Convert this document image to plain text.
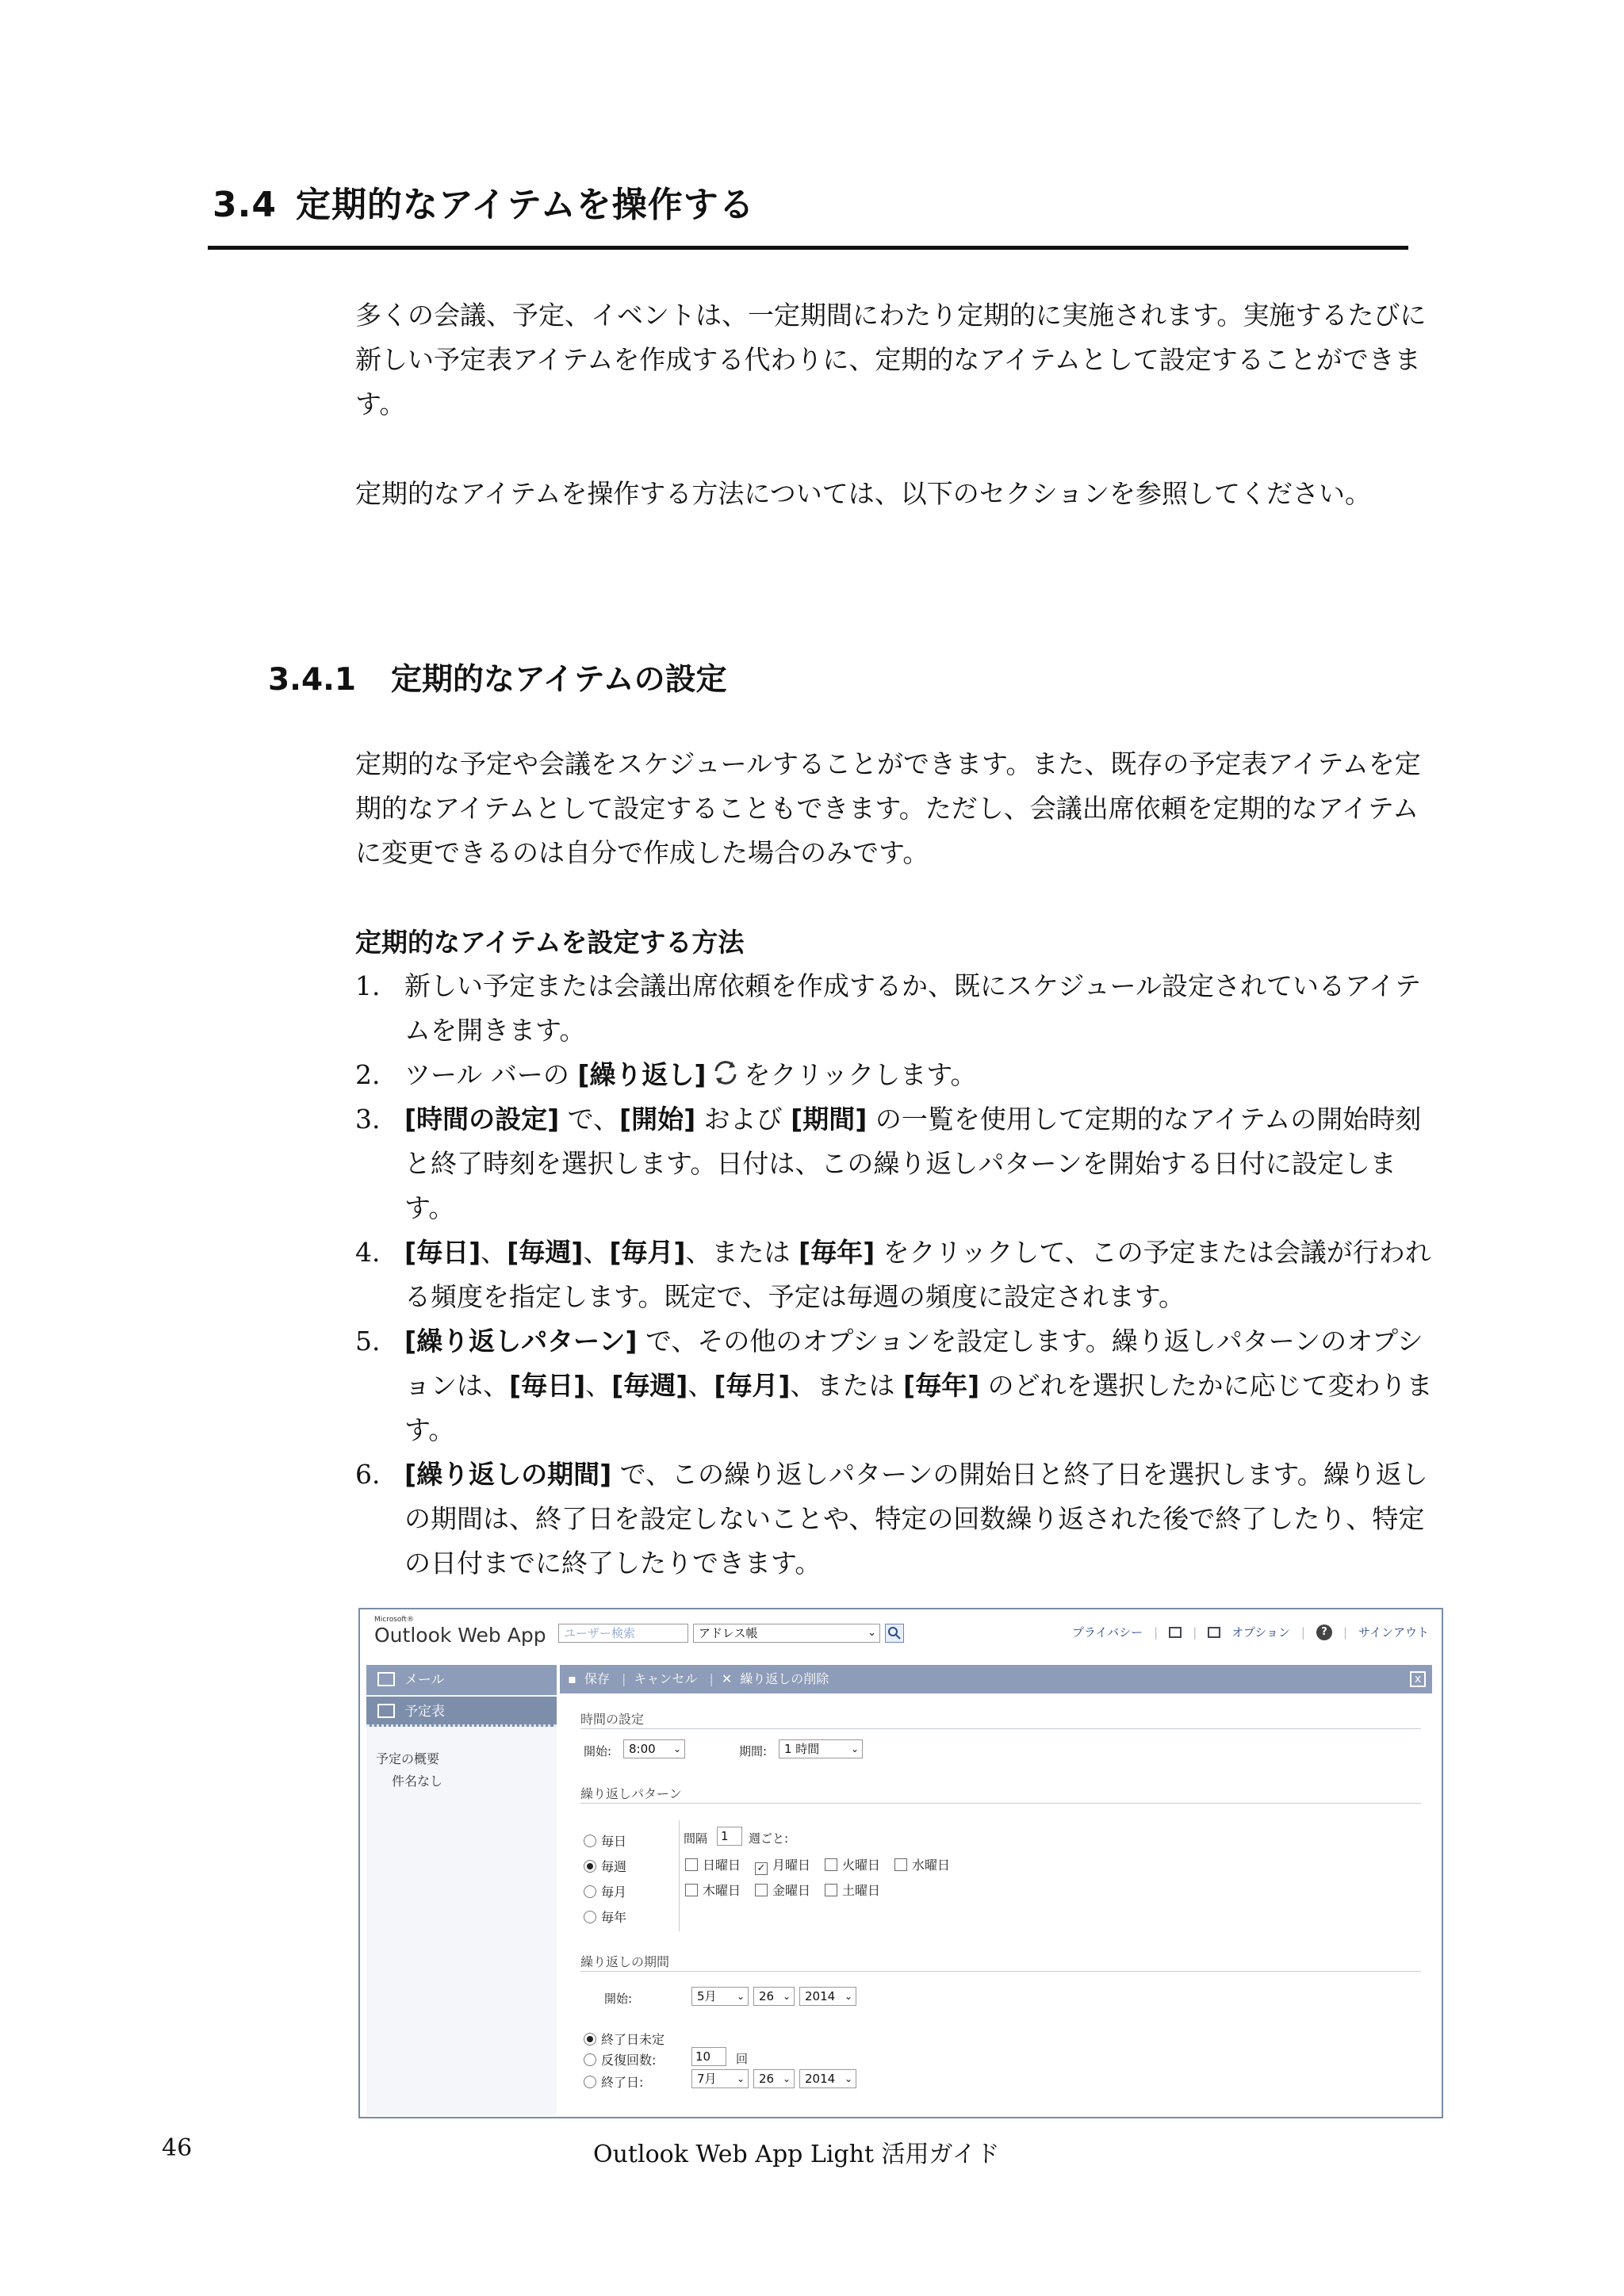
3.4 定期的なアイテムを操作する

多くの会議、予定、イベントは、一定期間にわたり定期的に実施されます。実施するたびに新しい予定表アイテムを作成する代わりに、定期的なアイテムとして設定することができます。

定期的なアイテムを操作する方法については、以下のセクションを参照してください。

3.4.1 定期的なアイテムの設定

定期的な予定や会議をスケジュールすることができます。また、既存の予定表アイテムを定期的なアイテムとして設定することもできます。ただし、会議出席依頼を定期的なアイテムに変更できるのは自分で作成した場合のみです。

定期的なアイテムを設定する方法
1. 新しい予定または会議出席依頼を作成するか、既にスケジュール設定されているアイテムを開きます。
2. ツール バーの [繰り返し] をクリックします。
3. [時間の設定] で、[開始] および [期間] の一覧を使用して定期的なアイテムの開始時刻と終了時刻を選択します。日付は、この繰り返しパターンを開始する日付に設定します。
4. [毎日]、[毎週]、[毎月]、または [毎年] をクリックして、この予定または会議が行われる頻度を指定します。既定で、予定は毎週の頻度に設定されます。
5. [繰り返しパターン] で、その他のオプションを設定します。繰り返しパターンのオプションは、[毎日]、[毎週]、[毎月]、または [毎年] のどれを選択したかに応じて変わります。
6. [繰り返しの期間] で、この繰り返しパターンの開始日と終了日を選択します。繰り返しの期間は、終了日を設定しないことや、特定の回数繰り返された後で終了したり、特定の日付までに終了したりできます。
Microsoft®
Outlook Web App	ユーザー検索	アドレス帳	⌄	プライバシー |	|	オプション |	?	| サインアウト
メール
予定表
予定の概要
件名なし
▪ 保存 | キャンセル | ✕ 繰り返しの削除	x
時間の設定
開始:	8:00 ⌄	期間:	1 時間	⌄
繰り返しパターン
毎日
毎週
毎月
毎年
間隔	1	週ごと:
日曜日 ✓ 月曜日	火曜日	水曜日
木曜日	金曜日	土曜日
繰り返しの期間
開始:	5月 ⌄	26 ⌄	2014 ⌄
終了日未定
反復回数:	10	回
終了日:	7月 ⌄	26 ⌄	2014 ⌄
46	Outlook Web App Light 活用ガイド
